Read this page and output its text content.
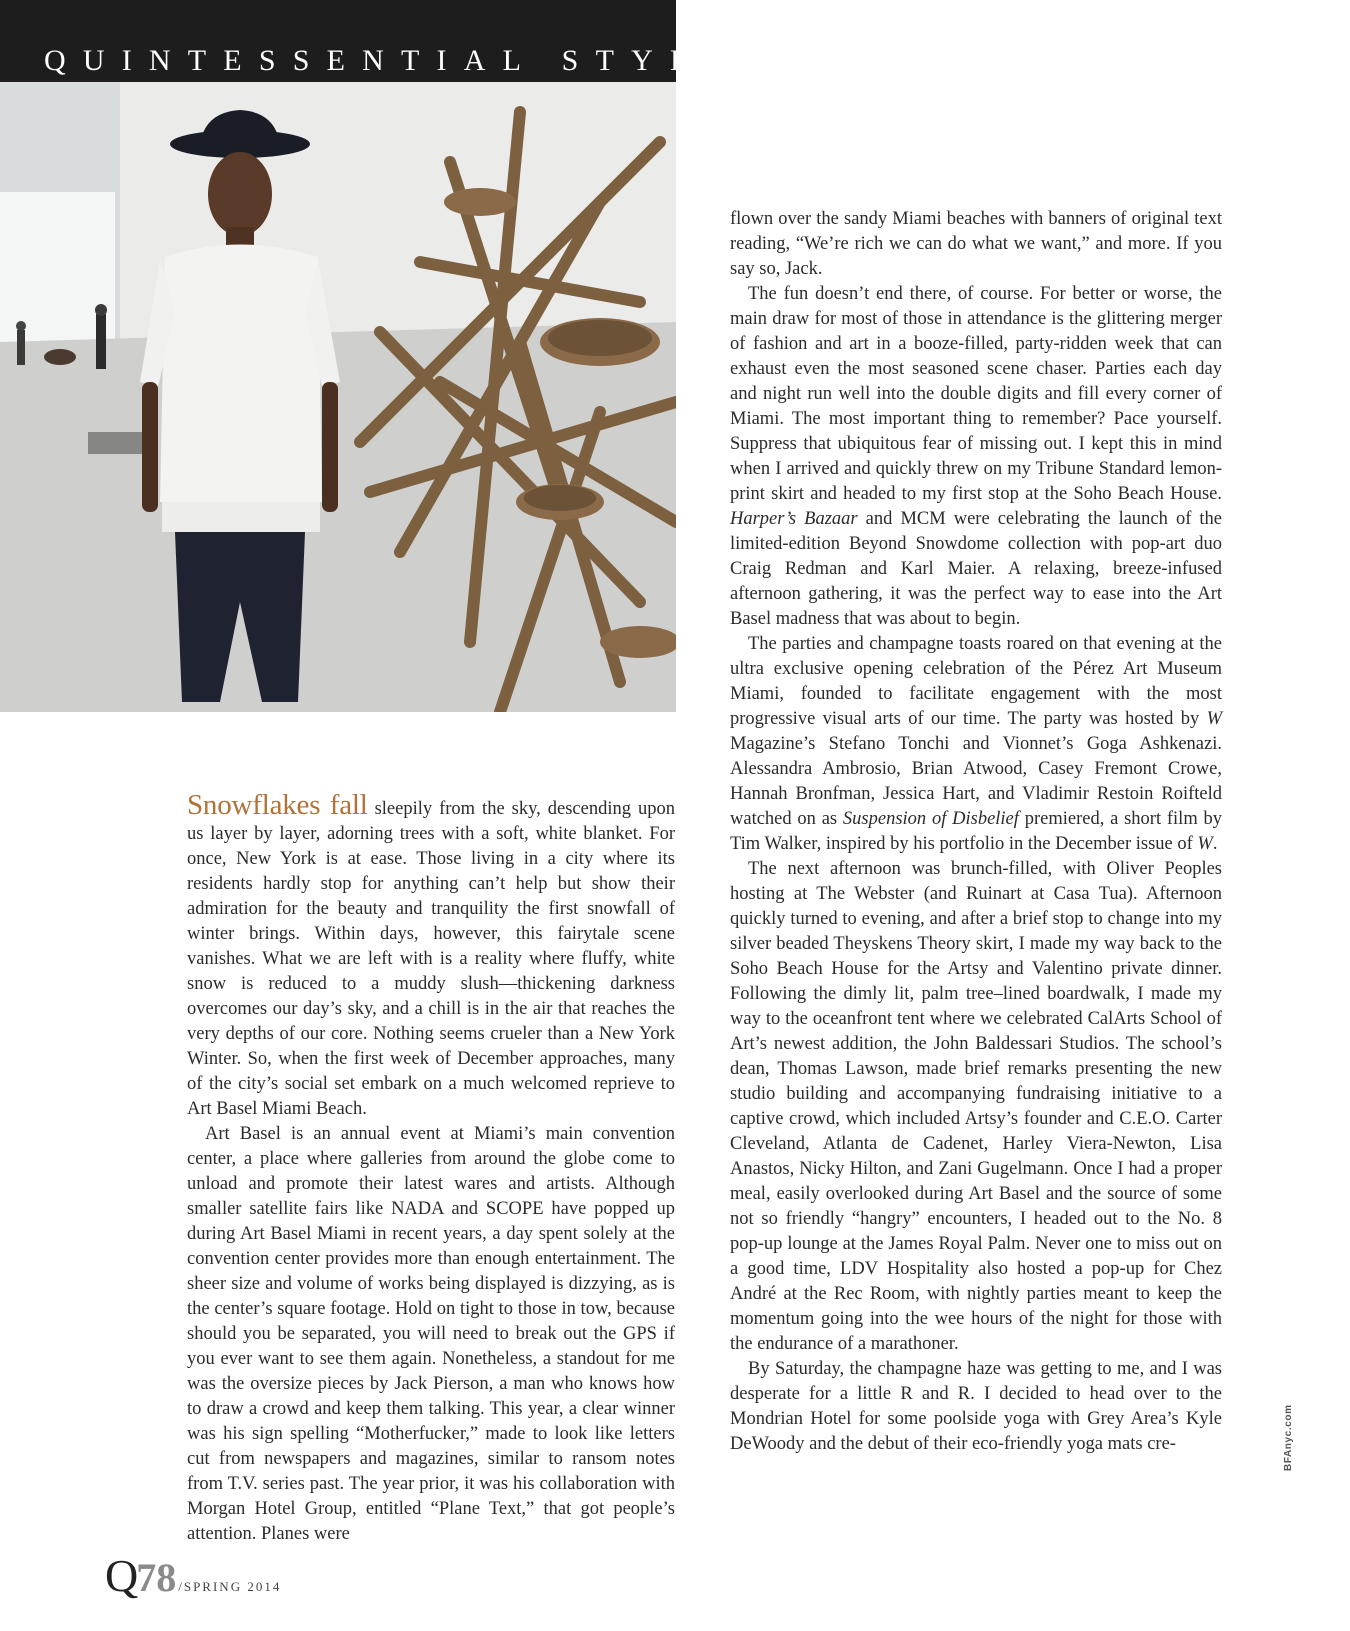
QUINTESSENTIAL STYLE

Snowflakes fall sleepily from the sky, descending upon us layer by layer, adorning trees with a soft, white blanket. For once, New York is at ease. Those living in a city where its residents hardly stop for anything can’t help but show their admiration for the beauty and tranquility the first snowfall of winter brings. Within days, however, this fairytale scene vanishes. What we are left with is a reality where fluffy, white snow is reduced to a muddy slush—thickening darkness overcomes our day’s sky, and a chill is in the air that reaches the very depths of our core. Nothing seems crueler than a New York Winter. So, when the first week of December approaches, many of the city’s social set embark on a much welcomed reprieve to Art Basel Miami Beach.

Art Basel is an annual event at Miami’s main convention center, a place where galleries from around the globe come to unload and promote their latest wares and artists. Although smaller satellite fairs like NADA and SCOPE have popped up during Art Basel Miami in recent years, a day spent solely at the convention center provides more than enough entertainment. The sheer size and volume of works being displayed is dizzying, as is the center’s square footage. Hold on tight to those in tow, because should you be separated, you will need to break out the GPS if you ever want to see them again. Nonetheless, a standout for me was the oversize pieces by Jack Pierson, a man who knows how to draw a crowd and keep them talking. This year, a clear winner was his sign spelling “Motherfucker,” made to look like letters cut from newspapers and magazines, similar to ransom notes from T.V. series past. The year prior, it was his collaboration with Morgan Hotel Group, entitled “Plane Text,” that got people’s attention. Planes were

flown over the sandy Miami beaches with banners of original text reading, “We’re rich we can do what we want,” and more. If you say so, Jack.

The fun doesn’t end there, of course. For better or worse, the main draw for most of those in attendance is the glittering merger of fashion and art in a booze-filled, party-ridden week that can exhaust even the most seasoned scene chaser. Parties each day and night run well into the double digits and fill every corner of Miami. The most important thing to remember? Pace yourself. Suppress that ubiquitous fear of missing out. I kept this in mind when I arrived and quickly threw on my Tribune Standard lemon-print skirt and headed to my first stop at the Soho Beach House. Harper’s Bazaar and MCM were celebrating the launch of the limited-edition Beyond Snowdome collection with pop-art duo Craig Redman and Karl Maier. A relaxing, breeze-infused afternoon gathering, it was the perfect way to ease into the Art Basel madness that was about to begin.

The parties and champagne toasts roared on that evening at the ultra exclusive opening celebration of the Pérez Art Museum Miami, founded to facilitate engagement with the most progressive visual arts of our time. The party was hosted by W Magazine’s Stefano Tonchi and Vionnet’s Goga Ashkenazi. Alessandra Ambrosio, Brian Atwood, Casey Fremont Crowe, Hannah Bronfman, Jessica Hart, and Vladimir Restoin Roifteld watched on as Suspension of Disbelief premiered, a short film by Tim Walker, inspired by his portfolio in the December issue of W.

The next afternoon was brunch-filled, with Oliver Peoples hosting at The Webster (and Ruinart at Casa Tua). Afternoon quickly turned to evening, and after a brief stop to change into my silver beaded Theyskens Theory skirt, I made my way back to the Soho Beach House for the Artsy and Valentino private dinner. Following the dimly lit, palm tree–lined boardwalk, I made my way to the oceanfront tent where we celebrated CalArts School of Art’s newest addition, the John Baldessari Studios. The school’s dean, Thomas Lawson, made brief remarks presenting the new studio building and accompanying fundraising initiative to a captive crowd, which included Artsy’s founder and C.E.O. Carter Cleveland, Atlanta de Cadenet, Harley Viera-Newton, Lisa Anastos, Nicky Hilton, and Zani Gugelmann. Once I had a proper meal, easily overlooked during Art Basel and the source of some not so friendly “hangry” encounters, I headed out to the No. 8 pop-up lounge at the James Royal Palm. Never one to miss out on a good time, LDV Hospitality also hosted a pop-up for Chez André at the Rec Room, with nightly parties meant to keep the momentum going into the wee hours of the night for those with the endurance of a marathoner.

By Saturday, the champagne haze was getting to me, and I was desperate for a little R and R. I decided to head over to the Mondrian Hotel for some poolside yoga with Grey Area’s Kyle DeWoody and the debut of their eco-friendly yoga mats cre-

Q78 /SPRING 2014
BFAnyc.com
